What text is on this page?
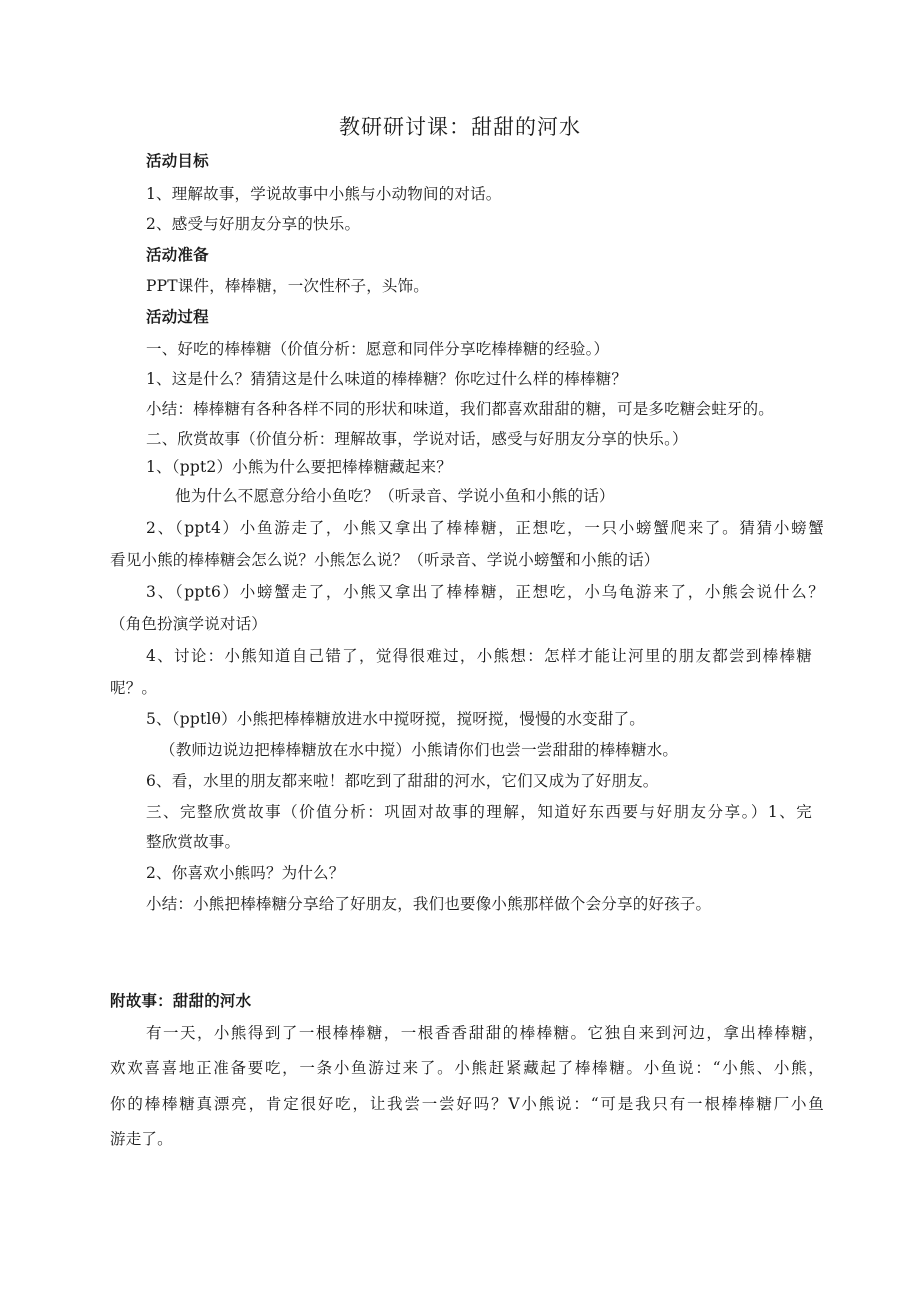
教研研讨课：甜甜的河水
活动目标
1、理解故事，学说故事中小熊与小动物间的对话。
2、感受与好朋友分享的快乐。
活动准备
PPT课件，棒棒糖，一次性杯子，头饰。
活动过程
一、好吃的棒棒糖（价值分析：愿意和同伴分享吃棒棒糖的经验。）
1、这是什么？猜猜这是什么味道的棒棒糖？你吃过什么样的棒棒糖？
小结：棒棒糖有各种各样不同的形状和味道，我们都喜欢甜甜的糖，可是多吃糖会蛀牙的。
二、欣赏故事（价值分析：理解故事，学说对话，感受与好朋友分享的快乐。）
1、（ppt2）小熊为什么要把棒棒糖藏起来？
他为什么不愿意分给小鱼吃？（听录音、学说小鱼和小熊的话）
2、（ppt4）小鱼游走了，小熊又拿出了棒棒糖，正想吃，一只小螃蟹爬来了。猜猜小螃蟹
看见小熊的棒棒糖会怎么说？小熊怎么说？（听录音、学说小螃蟹和小熊的话）
3、（ppt6）小螃蟹走了，小熊又拿出了棒棒糖，正想吃，小乌龟游来了，小熊会说什么？
（角色扮演学说对话）
4、讨论：小熊知道自己错了，觉得很难过，小熊想：怎样才能让河里的朋友都尝到棒棒糖
呢？。
5、（pptlθ）小熊把棒棒糖放进水中搅呀搅，搅呀搅，慢慢的水变甜了。
（教师边说边把棒棒糖放在水中搅）小熊请你们也尝一尝甜甜的棒棒糖水。
6、看，水里的朋友都来啦！都吃到了甜甜的河水，它们又成为了好朋友。
三、完整欣赏故事（价值分析：巩固对故事的理解，知道好东西要与好朋友分享。）1、完
整欣赏故事。
2、你喜欢小熊吗？为什么？
小结：小熊把棒棒糖分享给了好朋友，我们也要像小熊那样做个会分享的好孩子。
附故事：甜甜的河水
有一天，小熊得到了一根棒棒糖，一根香香甜甜的棒棒糖。它独自来到河边，拿出棒棒糖，
欢欢喜喜地正准备要吃，一条小鱼游过来了。小熊赶紧藏起了棒棒糖。小鱼说：“小熊、小熊，
你的棒棒糖真漂亮，肯定很好吃，让我尝一尝好吗？V小熊说：“可是我只有一根棒棒糖厂小鱼
游走了。
